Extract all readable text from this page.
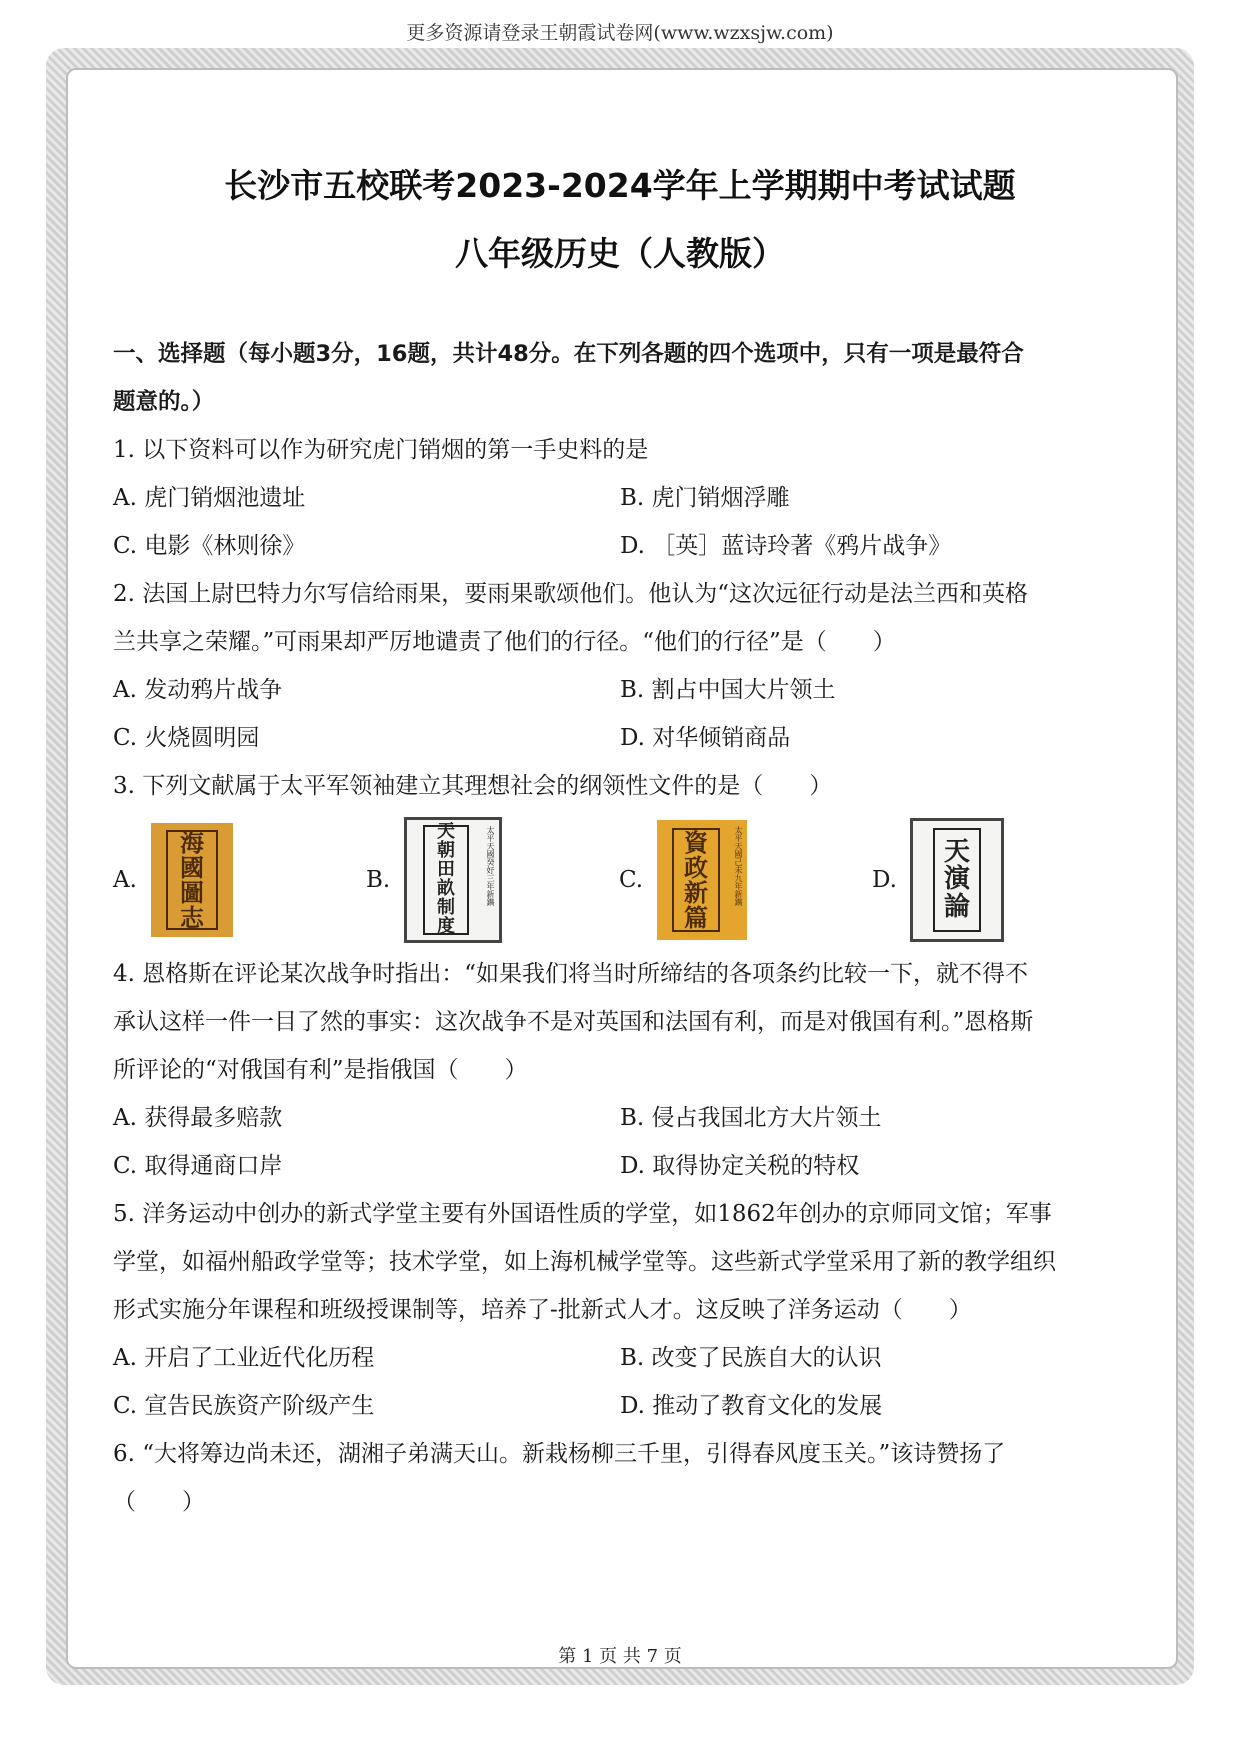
更多资源请登录王朝霞试卷网(www.wzxsjw.com)
长沙市五校联考2023-2024学年上学期期中考试试题
八年级历史（人教版）
一、选择题（每小题3分，16题，共计48分。在下列各题的四个选项中，只有一项是最符合
题意的。）
1. 以下资料可以作为研究虎门销烟的第一手史料的是
A. 虎门销烟池遗址	B. 虎门销烟浮雕
C. 电影《林则徐》	D. ［英］蓝诗玲著《鸦片战争》
2. 法国上尉巴特力尔写信给雨果，要雨果歌颂他们。他认为“这次远征行动是法兰西和英格
兰共享之荣耀。”可雨果却严厉地谴责了他们的行径。“他们的行径”是（　　）
A. 发动鸦片战争	B. 割占中国大片领土
C. 火烧圆明园	D. 对华倾销商品
3. 下列文献属于太平军领袖建立其理想社会的纲领性文件的是（　　）
A.
海
國
圖
志
B.	太平天國癸好三年新鐫
天
朝
田
畝
制
度
C.	太平天國己未九年新鐫
資
政
新
篇
D.
天
演
論
4. 恩格斯在评论某次战争时指出：“如果我们将当时所缔结的各项条约比较一下，就不得不
承认这样一件一目了然的事实：这次战争不是对英国和法国有利，而是对俄国有利。”恩格斯
所评论的“对俄国有利”是指俄国（　　）
A. 获得最多赔款	B. 侵占我国北方大片领土
C. 取得通商口岸	D. 取得协定关税的特权
5. 洋务运动中创办的新式学堂主要有外国语性质的学堂，如1862年创办的京师同文馆；军事
学堂，如福州船政学堂等；技术学堂，如上海机械学堂等。这些新式学堂采用了新的教学组织
形式实施分年课程和班级授课制等，培养了-批新式人才。这反映了洋务运动（　　）
A. 开启了工业近代化历程	B. 改变了民族自大的认识
C. 宣告民族资产阶级产生	D. 推动了教育文化的发展
6. “大将筹边尚未还，湖湘子弟满天山。新栽杨柳三千里，引得春风度玉关。”该诗赞扬了
（　　）
第 1 页 共 7 页
